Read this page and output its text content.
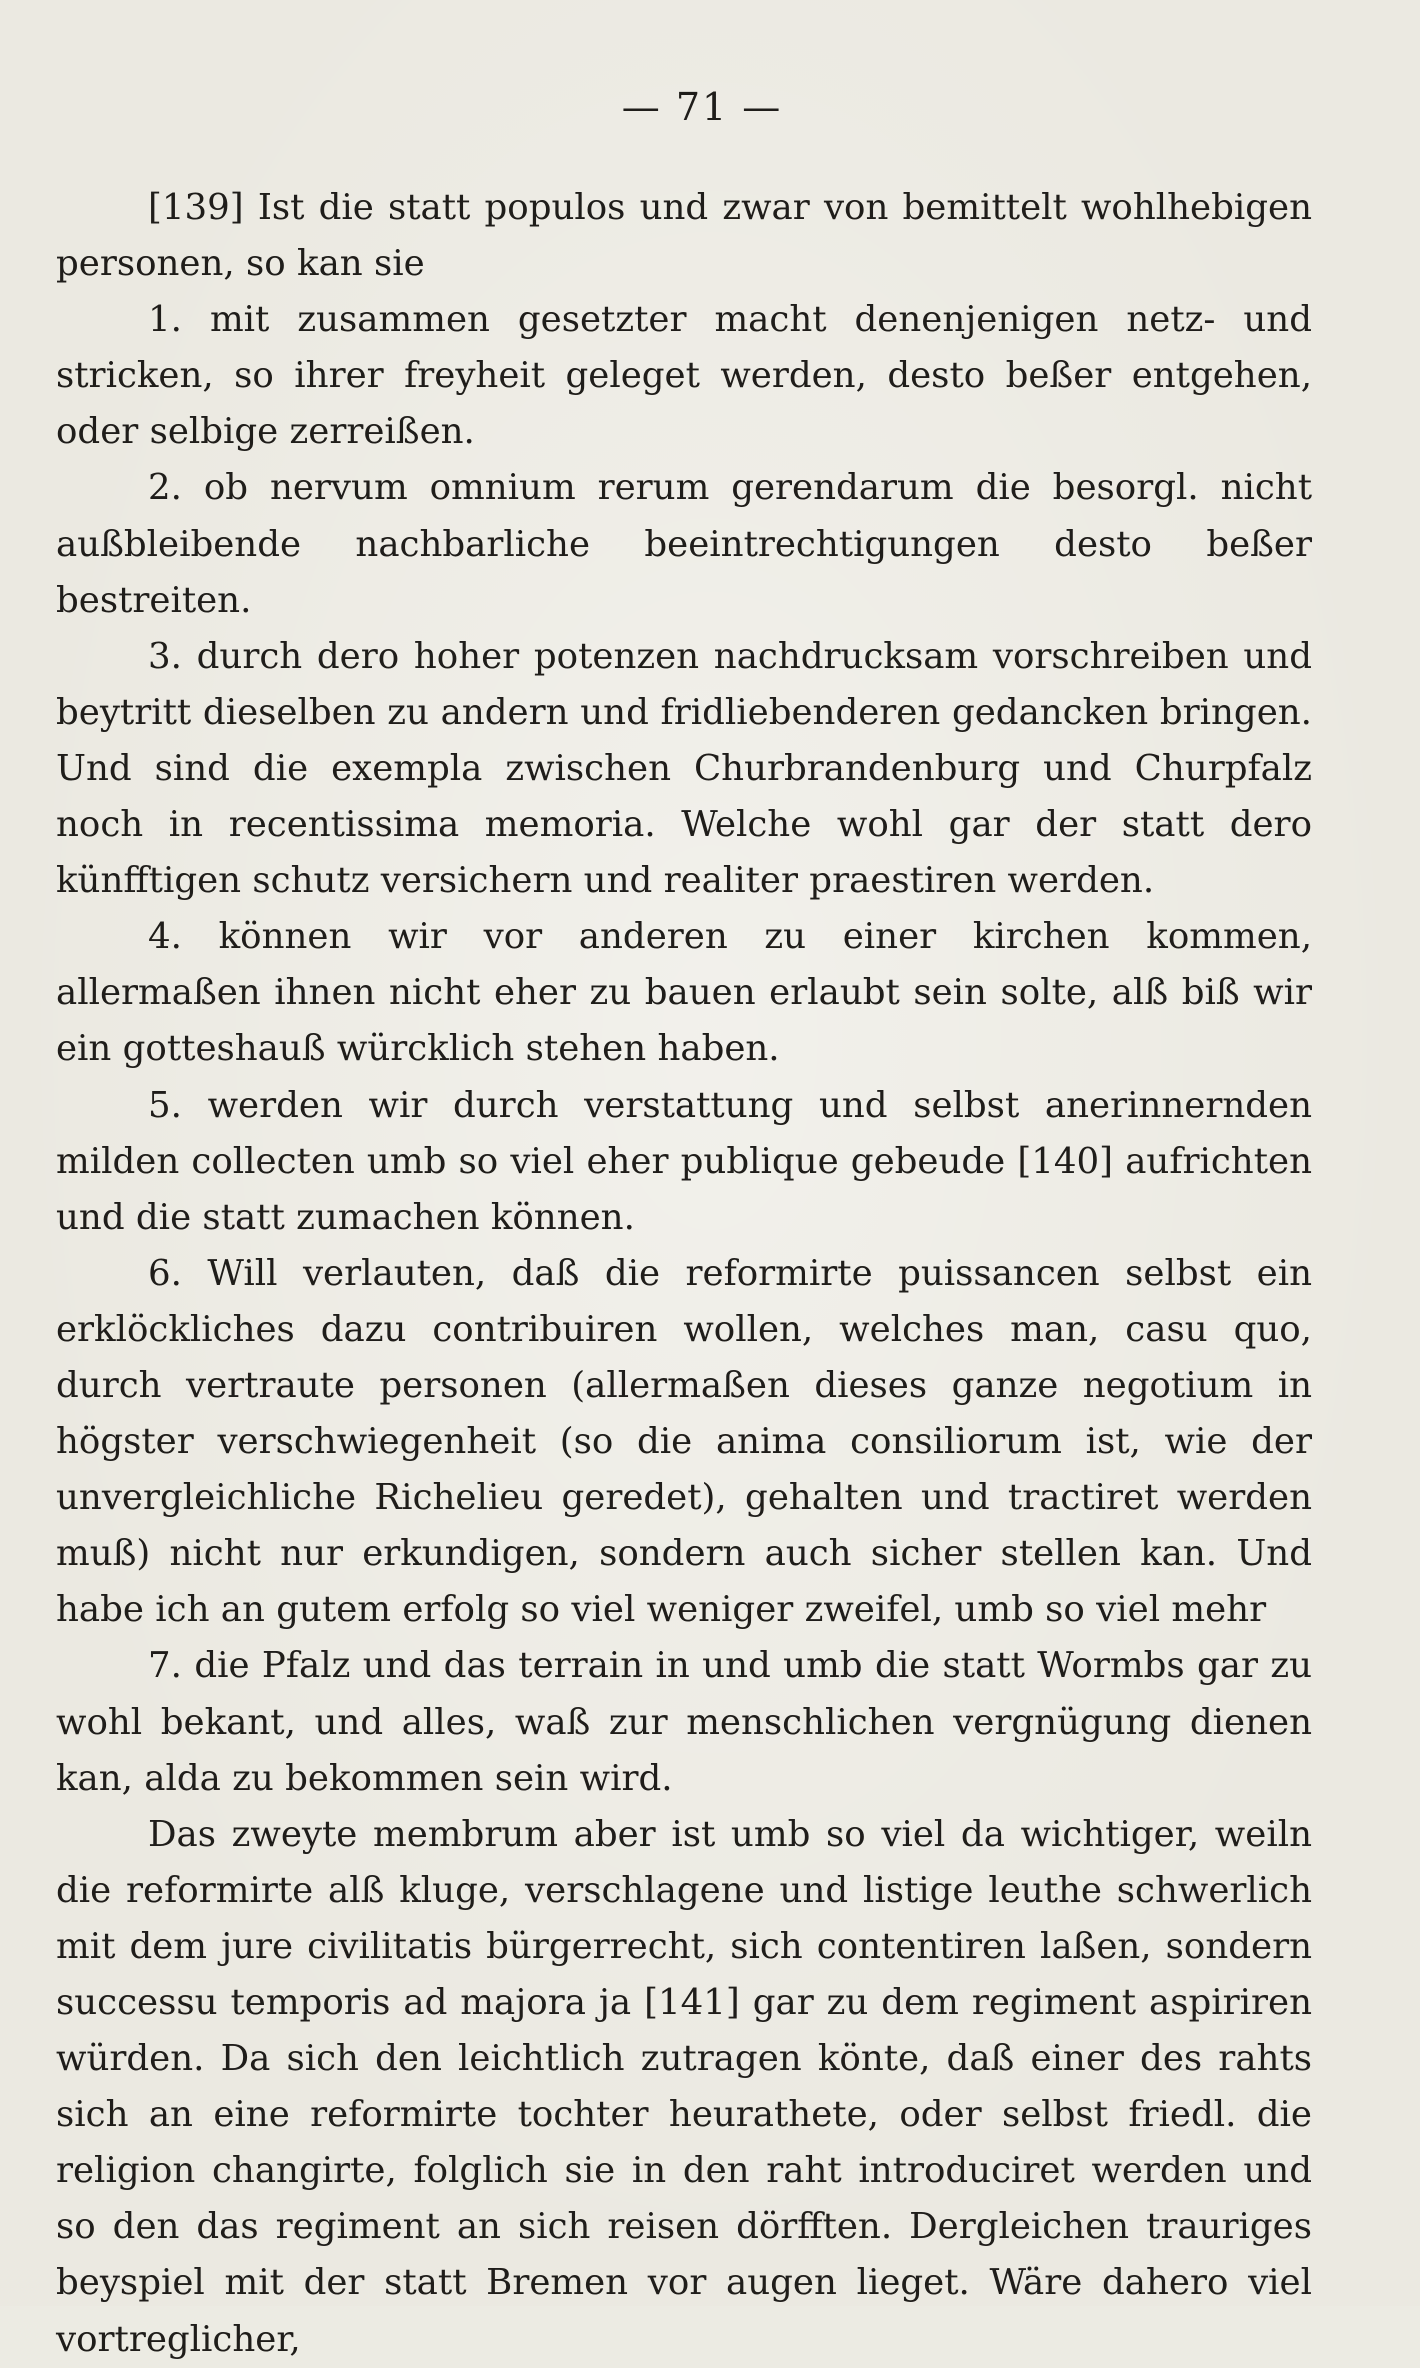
— 71 —

[139] Ist die statt populos und zwar von bemittelt wohlhebigen personen, so kan sie

1. mit zusammen gesetzter macht denenjenigen netz- und stricken, so ihrer freyheit geleget werden, desto beßer entgehen, oder selbige zerreißen.

2. ob nervum omnium rerum gerendarum die besorgl. nicht außbleibende nachbarliche beeintrechtigungen desto beßer bestreiten.

3. durch dero hoher potenzen nachdrucksam vorschreiben und beytritt dieselben zu andern und fridliebenderen gedancken bringen. Und sind die exempla zwischen Churbrandenburg und Churpfalz noch in recentissima memoria. Welche wohl gar der statt dero künfftigen schutz versichern und realiter praestiren werden.

4. können wir vor anderen zu einer kirchen kommen, allermaßen ihnen nicht eher zu bauen erlaubt sein solte, alß biß wir ein gotteshauß würcklich stehen haben.

5. werden wir durch verstattung und selbst anerinnernden milden collecten umb so viel eher publique gebeude [140] aufrichten und die statt zumachen können.

6. Will verlauten, daß die reformirte puissancen selbst ein erklöckliches dazu contribuiren wollen, welches man, casu quo, durch vertraute personen (allermaßen dieses ganze negotium in högster verschwiegenheit (so die anima consiliorum ist, wie der unvergleichliche Richelieu geredet), gehalten und tractiret werden muß) nicht nur erkundigen, sondern auch sicher stellen kan. Und habe ich an gutem erfolg so viel weniger zweifel, umb so viel mehr

7. die Pfalz und das terrain in und umb die statt Wormbs gar zu wohl bekant, und alles, waß zur menschlichen vergnügung dienen kan, alda zu bekommen sein wird.

Das zweyte membrum aber ist umb so viel da wichtiger, weiln die reformirte alß kluge, verschlagene und listige leuthe schwerlich mit dem jure civilitatis bürgerrecht, sich contentiren laßen, sondern successu temporis ad majora ja [141] gar zu dem regiment aspiriren würden. Da sich den leichtlich zutragen könte, daß einer des rahts sich an eine reformirte tochter heurathete, oder selbst friedl. die religion changirte, folglich sie in den raht introduciret werden und so den das regiment an sich reisen dörfften. Dergleichen trauriges beyspiel mit der statt Bremen vor augen lieget. Wäre dahero viel vortreglicher,
